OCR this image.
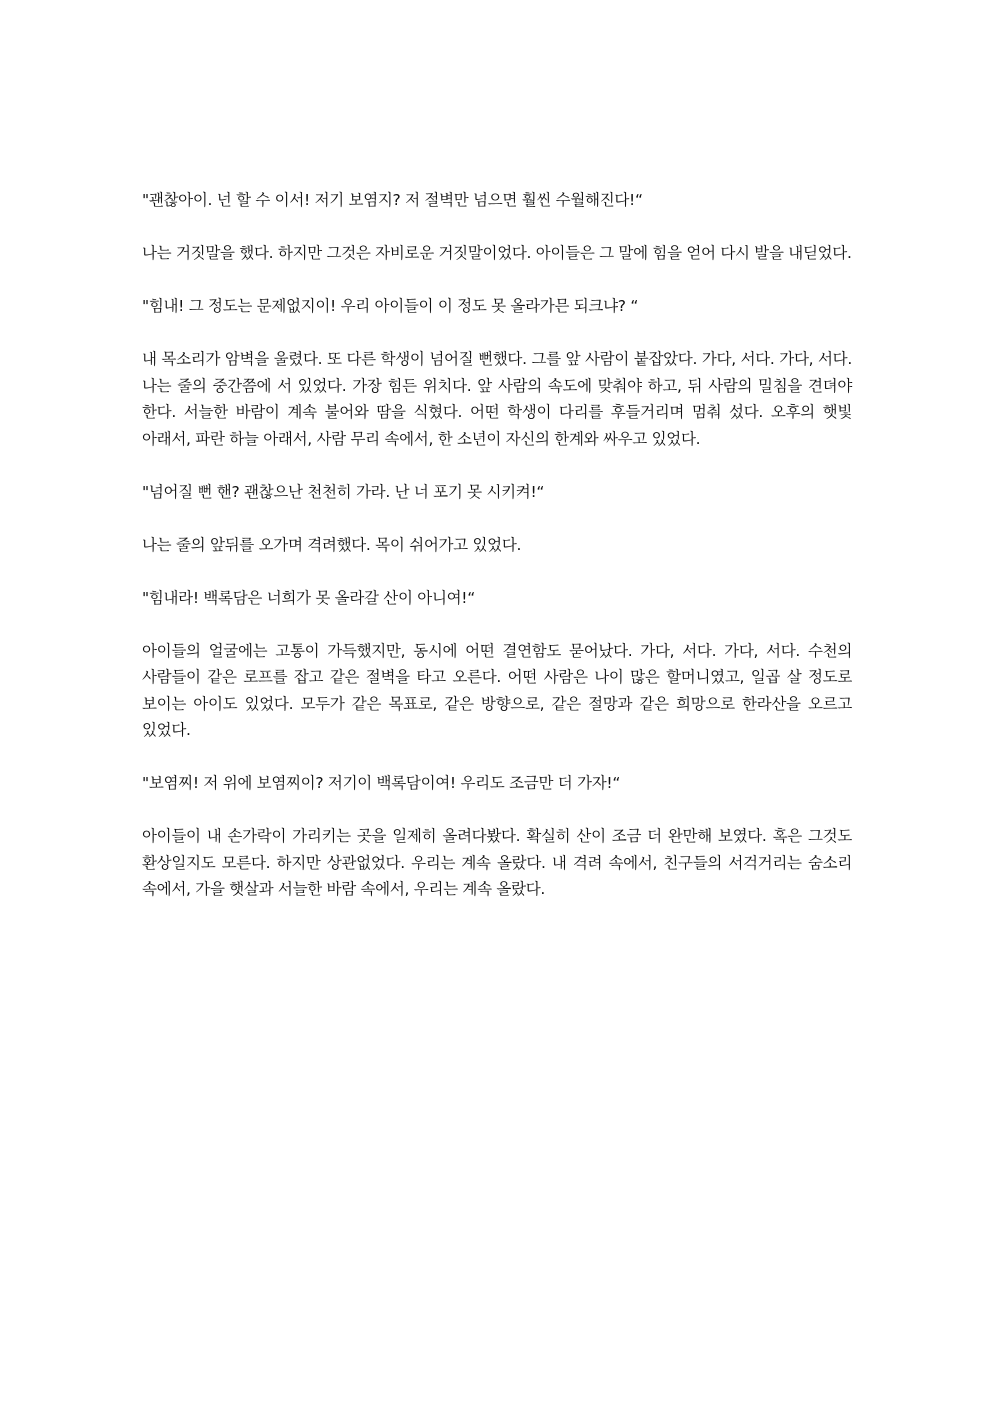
"괜찮아이. 넌 할 수 이서! 저기 보염지? 저 절벽만 넘으면 훨씬 수월해진다!“

나는 거짓말을 했다. 하지만 그것은 자비로운 거짓말이었다. 아이들은 그 말에 힘을 얻어 다시 발을 내딛었다.

"힘내! 그 정도는 문제없지이! 우리 아이들이 이 정도 못 올라가믄 되크냐? “

내 목소리가 암벽을 울렸다. 또 다른 학생이 넘어질 뻔했다. 그를 앞 사람이 붙잡았다. 가다, 서다. 가다, 서다. 나는 줄의 중간쯤에 서 있었다. 가장 힘든 위치다. 앞 사람의 속도에 맞춰야 하고, 뒤 사람의 밀침을 견뎌야 한다. 서늘한 바람이 계속 불어와 땀을 식혔다. 어떤 학생이 다리를 후들거리며 멈춰 섰다. 오후의 햇빛 아래서, 파란 하늘 아래서, 사람 무리 속에서, 한 소년이 자신의 한계와 싸우고 있었다.

"넘어질 뻔 핸? 괜찮으난 천천히 가라. 난 너 포기 못 시키켜!“

나는 줄의 앞뒤를 오가며 격려했다. 목이 쉬어가고 있었다.

"힘내라! 백록담은 너희가 못 올라갈 산이 아니여!“

아이들의 얼굴에는 고통이 가득했지만, 동시에 어떤 결연함도 묻어났다. 가다, 서다. 가다, 서다. 수천의 사람들이 같은 로프를 잡고 같은 절벽을 타고 오른다. 어떤 사람은 나이 많은 할머니였고, 일곱 살 정도로 보이는 아이도 있었다. 모두가 같은 목표로, 같은 방향으로, 같은 절망과 같은 희망으로 한라산을 오르고 있었다.

"보염찌! 저 위에 보염찌이? 저기이 백록담이여! 우리도 조금만 더 가자!“

아이들이 내 손가락이 가리키는 곳을 일제히 올려다봤다. 확실히 산이 조금 더 완만해 보였다. 혹은 그것도 환상일지도 모른다. 하지만 상관없었다. 우리는 계속 올랐다. 내 격려 속에서, 친구들의 서걱거리는 숨소리 속에서, 가을 햇살과 서늘한 바람 속에서, 우리는 계속 올랐다.
